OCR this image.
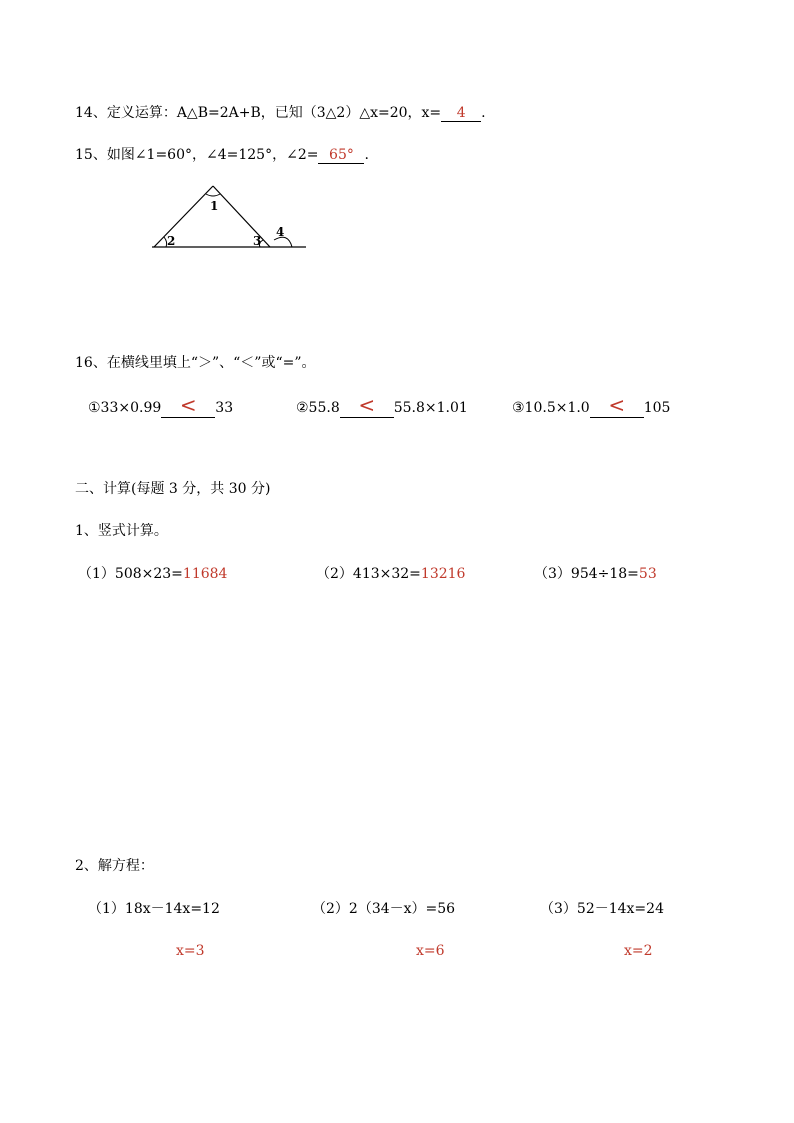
14、定义运算：A△B=2A+B，已知（3△2）△x=20，x= 4 .
15、如图∠1=60°，∠4=125°，∠2= 65° .
1
2	3
4
16、在横线里填上“＞”、“＜”或“=”。
①33×0.99 < 33	②55.8 < 55.8×1.01	③10.5×1.0 < 105
二、计算(每题 3 分，共 30 分)
1、竖式计算。
（1）508×23=11684	（2）413×32=13216	（3）954÷18=53
2、解方程：
（1）18x－14x=12	（2）2（34－x）=56	（3）52－14x=24
x=3	x=6	x=2
